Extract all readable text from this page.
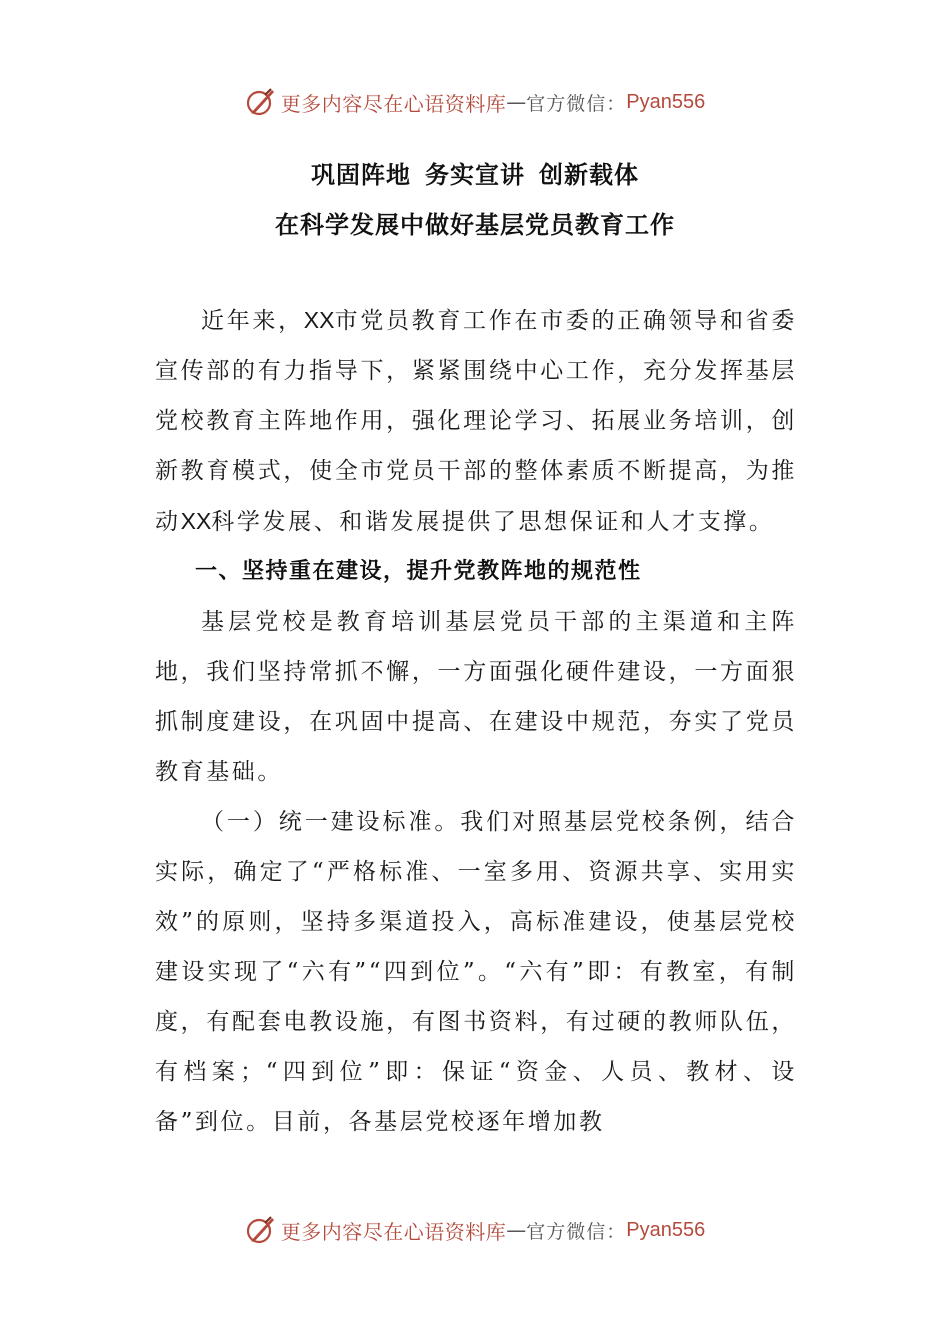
更多内容尽在心语资料库 — 官方微信： Pyan556
巩固阵地 务实宣讲 创新载体
在科学发展中做好基层党员教育工作

近年来，XX市党员教育工作在市委的正确领导和省委宣传部的有力指导下，紧紧围绕中心工作，充分发挥基层党校教育主阵地作用，强化理论学习、拓展业务培训，创新教育模式，使全市党员干部的整体素质不断提高，为推动XX科学发展、和谐发展提供了思想保证和人才支撑。

一、坚持重在建设，提升党教阵地的规范性

基层党校是教育培训基层党员干部的主渠道和主阵地，我们坚持常抓不懈，一方面强化硬件建设，一方面狠抓制度建设，在巩固中提高、在建设中规范，夯实了党员教育基础。

（一）统一建设标准。我们对照基层党校条例，结合实际，确定了“严格标准、一室多用、资源共享、实用实效”的原则，坚持多渠道投入，高标准建设，使基层党校建设实现了“六有”“四到位”。“六有”即：有教室，有制度，有配套电教设施，有图书资料，有过硬的教师队伍，有档案；“四到位”即：保证“资金、人员、教材、设备”到位。目前，各基层党校逐年增加教

更多内容尽在心语资料库 — 官方微信： Pyan556
